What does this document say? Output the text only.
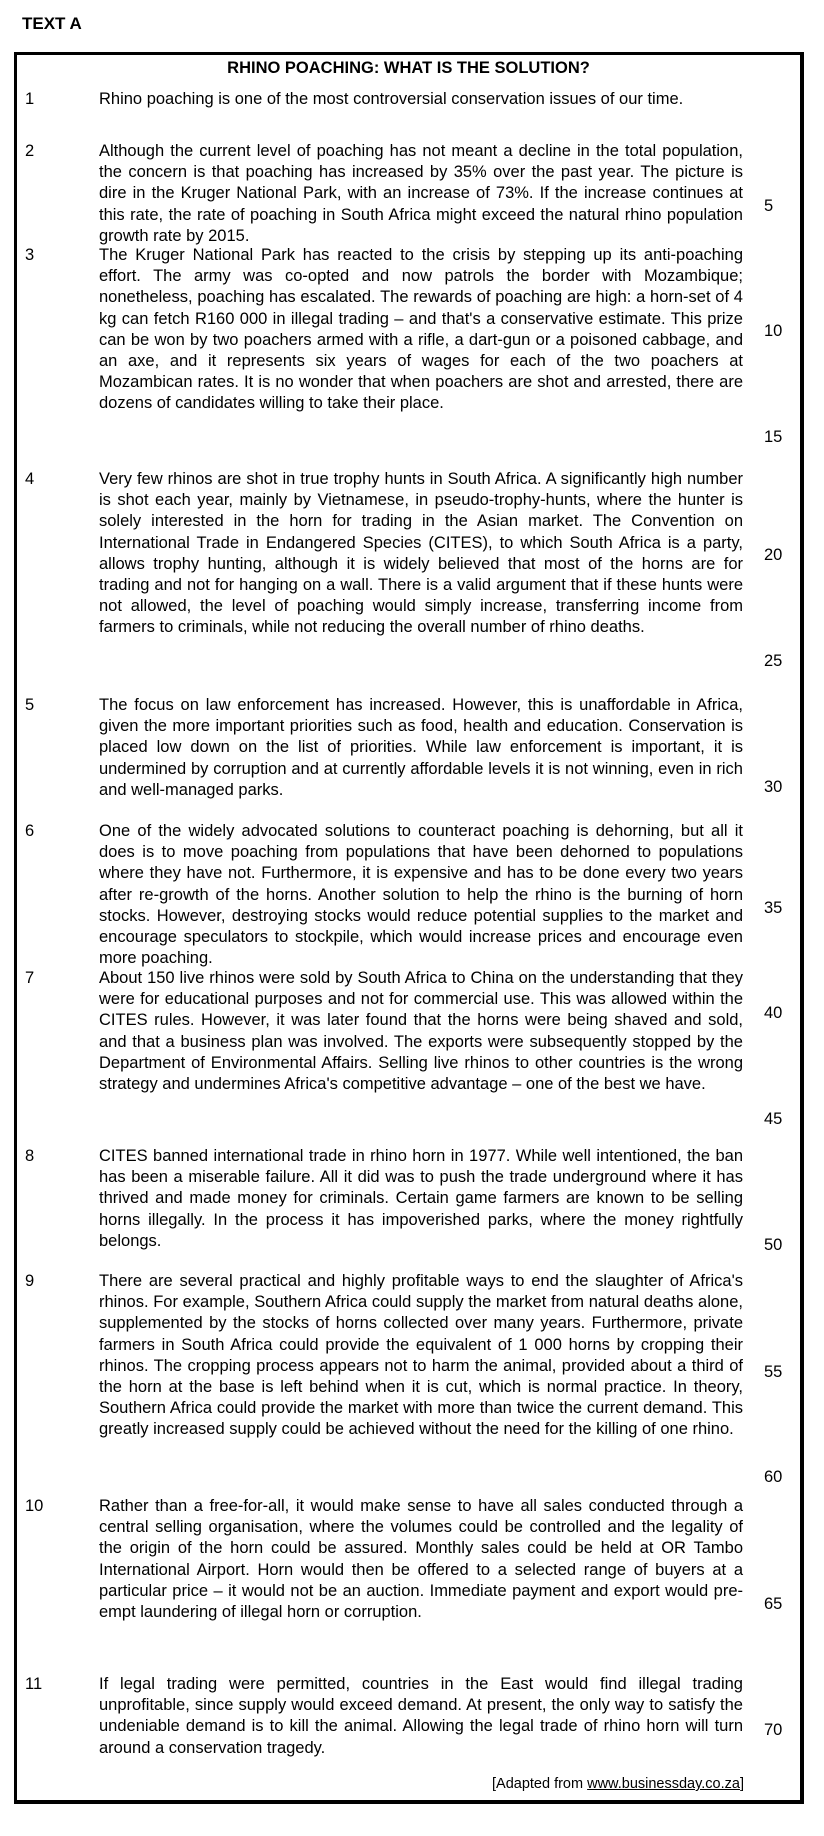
TEXT A
RHINO POACHING: WHAT IS THE SOLUTION?
1	Rhino poaching is one of the most controversial conservation issues of our time.

2	Although the current level of poaching has not meant a decline in the total population, the concern is that poaching has increased by 35% over the past year. The picture is dire in the Kruger National Park, with an increase of 73%. If the increase continues at this rate, the rate of poaching in South Africa might exceed the natural rhino population growth rate by 2015.

3	The Kruger National Park has reacted to the crisis by stepping up its anti-poaching effort. The army was co-opted and now patrols the border with Mozambique; nonetheless, poaching has escalated. The rewards of poaching are high: a horn-set of 4 kg can fetch R160 000 in illegal trading – and that's a conservative estimate. This prize can be won by two poachers armed with a rifle, a dart-gun or a poisoned cabbage, and an axe, and it represents six years of wages for each of the two poachers at Mozambican rates. It is no wonder that when poachers are shot and arrested, there are dozens of candidates willing to take their place.

4	Very few rhinos are shot in true trophy hunts in South Africa. A significantly high number is shot each year, mainly by Vietnamese, in pseudo-trophy-hunts, where the hunter is solely interested in the horn for trading in the Asian market. The Convention on International Trade in Endangered Species (CITES), to which South Africa is a party, allows trophy hunting, although it is widely believed that most of the horns are for trading and not for hanging on a wall. There is a valid argument that if these hunts were not allowed, the level of poaching would simply increase, transferring income from farmers to criminals, while not reducing the overall number of rhino deaths.

5	The focus on law enforcement has increased. However, this is unaffordable in Africa, given the more important priorities such as food, health and education. Conservation is placed low down on the list of priorities. While law enforcement is important, it is undermined by corruption and at currently affordable levels it is not winning, even in rich and well-managed parks.

6	One of the widely advocated solutions to counteract poaching is dehorning, but all it does is to move poaching from populations that have been dehorned to populations where they have not. Furthermore, it is expensive and has to be done every two years after re-growth of the horns. Another solution to help the rhino is the burning of horn stocks. However, destroying stocks would reduce potential supplies to the market and encourage speculators to stockpile, which would increase prices and encourage even more poaching.

7	About 150 live rhinos were sold by South Africa to China on the understanding that they were for educational purposes and not for commercial use. This was allowed within the CITES rules. However, it was later found that the horns were being shaved and sold, and that a business plan was involved. The exports were subsequently stopped by the Department of Environmental Affairs. Selling live rhinos to other countries is the wrong strategy and undermines Africa's competitive advantage – one of the best we have.

8	CITES banned international trade in rhino horn in 1977. While well intentioned, the ban has been a miserable failure. All it did was to push the trade underground where it has thrived and made money for criminals. Certain game farmers are known to be selling horns illegally. In the process it has impoverished parks, where the money rightfully belongs.

9	There are several practical and highly profitable ways to end the slaughter of Africa's rhinos. For example, Southern Africa could supply the market from natural deaths alone, supplemented by the stocks of horns collected over many years. Furthermore, private farmers in South Africa could provide the equivalent of 1 000 horns by cropping their rhinos. The cropping process appears not to harm the animal, provided about a third of the horn at the base is left behind when it is cut, which is normal practice. In theory, Southern Africa could provide the market with more than twice the current demand. This greatly increased supply could be achieved without the need for the killing of one rhino.

10	Rather than a free-for-all, it would make sense to have all sales conducted through a central selling organisation, where the volumes could be controlled and the legality of the origin of the horn could be assured. Monthly sales could be held at OR Tambo International Airport. Horn would then be offered to a selected range of buyers at a particular price – it would not be an auction. Immediate payment and export would pre-empt laundering of illegal horn or corruption.

11	If legal trading were permitted, countries in the East would find illegal trading unprofitable, since supply would exceed demand. At present, the only way to satisfy the undeniable demand is to kill the animal. Allowing the legal trade of rhino horn will turn around a conservation tragedy.

5
10
15
20
25
30
35
40
45
50
55
60
65
70
[Adapted from www.businessday.co.za]
